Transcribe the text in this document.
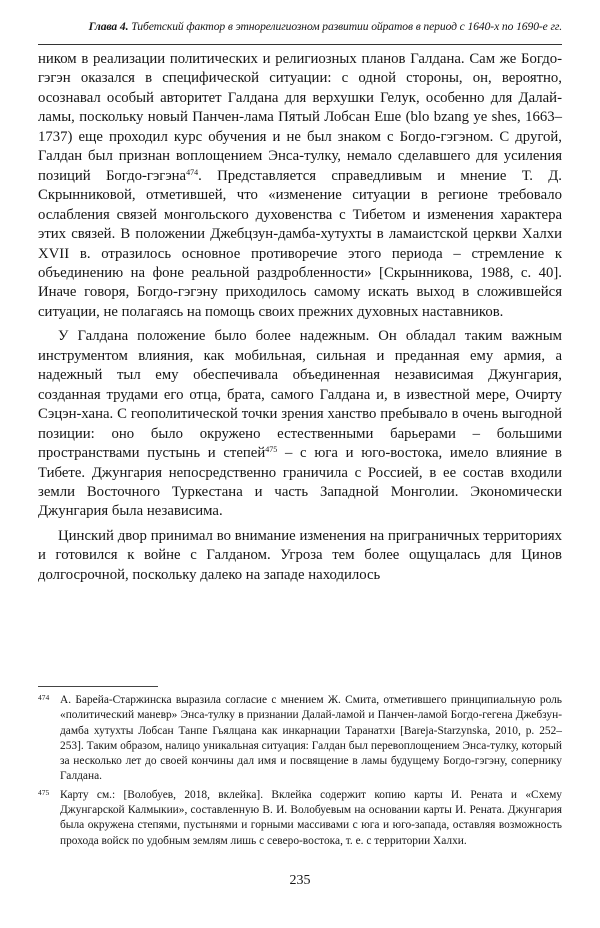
Глава 4. Тибетский фактор в этнорелигиозном развитии ойратов в период с 1640-х по 1690-е гг.

ником в реализации политических и религиозных планов Галдана. Сам же Богдо-гэгэн оказался в специфической ситуации: с одной стороны, он, вероятно, осознавал особый авторитет Галдана для верхушки Гелук, особенно для Далай-ламы, поскольку новый Панчен-лама Пятый Лобсан Еше (blo bzang ye shes, 1663–1737) еще проходил курс обучения и не был знаком с Богдо-гэгэном. С другой, Галдан был признан воплощением Энса-тулку, немало сделавшего для усиления позиций Богдо-гэгэна$^{474}$. Представляется справедливым и мнение Т. Д. Скрынниковой, отметившей, что «изменение ситуации в регионе требовало ослабления связей монгольского духовенства с Тибетом и изменения характера этих связей. В положении Джебцзун-дамба-хутухты в ламаистской церкви Халхи XVII в. отразилось основное противоречие этого периода – стремление к объединению на фоне реальной раздробленности» [Скрынникова, 1988, с. 40]. Иначе говоря, Богдо-гэгэну приходилось самому искать выход в сложившейся ситуации, не полагаясь на помощь своих прежних духовных наставников.

У Галдана положение было более надежным. Он обладал таким важным инструментом влияния, как мобильная, сильная и преданная ему армия, а надежный тыл ему обеспечивала объединенная независимая Джунгария, созданная трудами его отца, брата, самого Галдана и, в известной мере, Очирту Сэцэн-хана. С геополитической точки зрения ханство пребывало в очень выгодной позиции: оно было окружено естественными барьерами – большими пространствами пустынь и степей$^{475}$ – с юга и юго-востока, имело влияние в Тибете. Джунгария непосредственно граничила с Россией, в ее состав входили земли Восточного Туркестана и часть Западной Монголии. Экономически Джунгария была независима.

Цинский двор принимал во внимание изменения на приграничных территориях и готовился к войне с Галданом. Угроза тем более ощущалась для Цинов долгосрочной, поскольку далеко на западе находилось

474 А. Барейа-Старжинска выразила согласие с мнением Ж. Смита, отметившего принципиальную роль «политический маневр» Энса-тулку в признании Далай-ламой и Панчен-ламой Богдо-гегена Джебзун-дамба хутухты Лобсан Танпе Гьялцана как инкарнации Таранатхи [Bareja-Starzynska, 2010, p. 252–253]. Таким образом, налицо уникальная ситуация: Галдан был перевоплощением Энса-тулку, который за несколько лет до своей кончины дал имя и посвящение в ламы будущему Богдо-гэгэну, сопернику Галдана.
475 Карту см.: [Волобуев, 2018, вклейка]. Вклейка содержит копию карты И. Рената и «Схему Джунгарской Калмыкии», составленную В. И. Волобуевым на основании карты И. Рената. Джунгария была окружена степями, пустынями и горными массивами с юга и юго-запада, оставляя возможность прохода войск по удобным землям лишь с северо-востока, т. е. с территории Халхи.
235
